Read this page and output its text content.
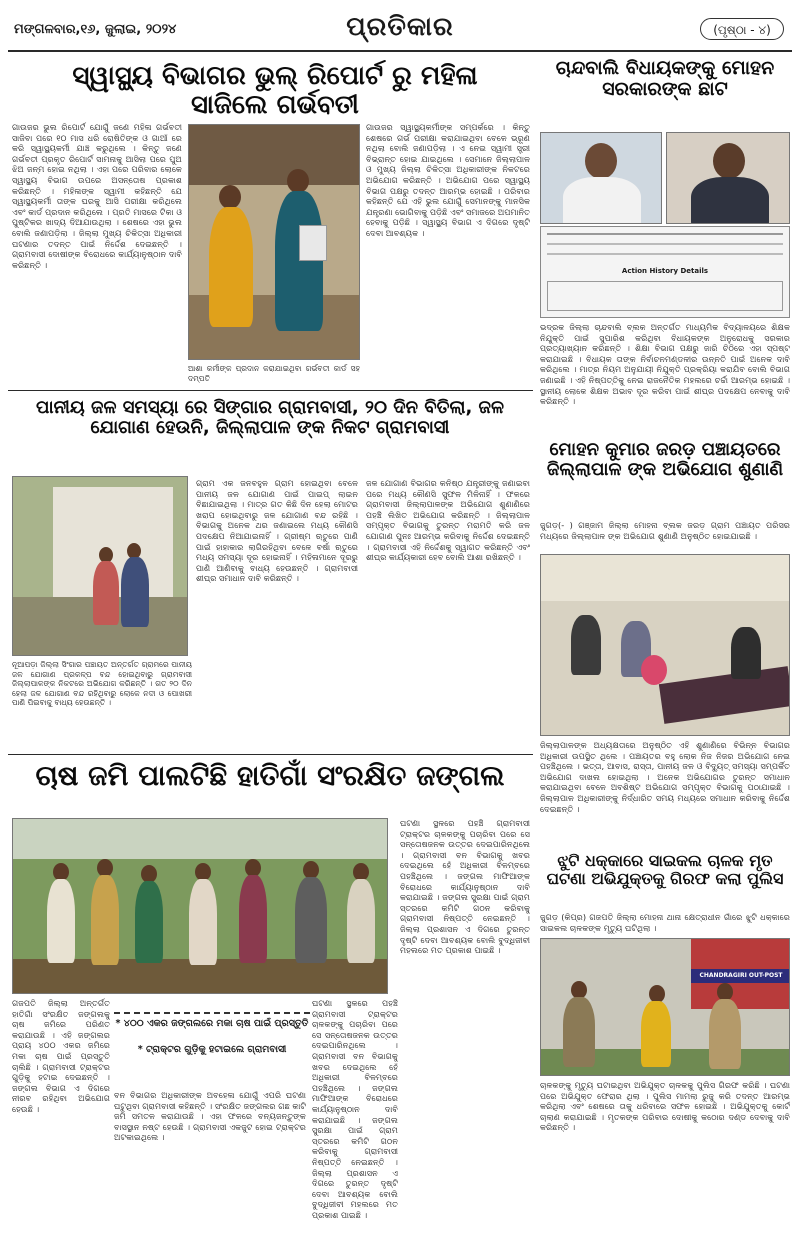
ମଙ୍ଗଳବାର,୧୬, ଜୁଲାଇ, ୨୦୨୪	ପ୍ରତିକାର	(ପୃଷ୍ଠା - ୪)
ସ୍ୱାସ୍ଥ୍ୟ ବିଭାଗର ଭୁଲ୍ ରିପୋର୍ଟ ରୁ ମହିଳା ସାଜିଲେ ଗର୍ଭବତୀ
ଗାଉଜର ଭୁଲ ରିପୋର୍ଟ ଯୋଗୁଁ ଜଣେ ମହିଳା ଗର୍ଭବତୀ ସାଜିବା ପରେ ୧୦ ମାସ ଧରି ରୋଷିତିଙ୍କ ଓ ଗାଆଁ ରେ କରି ସ୍ୱାସ୍ଥ୍ୟକର୍ମୀ ଯାଞ୍ଚ କରୁଥିଲେ । କିନ୍ତୁ ଜଣେ ଗର୍ଭବତୀ ପ୍ରକୃତ ରିପୋର୍ଟ ସାମନାକୁ ଆସିଲା ପରେ ପୁଅ ଝିଅ ଜନ୍ମ ହୋଇ ନଥିଲା । ଏହା ପରେ ପରିବାର ଲୋକେ ସ୍ୱାସ୍ଥ୍ୟ ବିଭାଗ ଉପରେ ଅସନ୍ତୋଷ ପ୍ରକାଶ କରିଛନ୍ତି । ମହିଳାଙ୍କ ସ୍ୱାମୀ କହିଛନ୍ତି ଯେ ସ୍ୱାସ୍ଥ୍ୟକର୍ମୀ ତାଙ୍କ ଘରକୁ ଆସି ପରୀକ୍ଷା କରିଥିଲେ ଏବଂ କାର୍ଡ ପ୍ରଦାନ କରିଥିଲେ । ପ୍ରତି ମାସରେ ଟିକା ଓ ପୁଷ୍ଟିକର ଖାଦ୍ୟ ଦିଆଯାଉଥିଲା । ଶେଷରେ ଏହା ଭୁଲ ବୋଲି ଜଣାପଡ଼ିଲା । ଜିଲ୍ଲା ମୁଖ୍ୟ ଚିକିତ୍ସା ଅଧିକାରୀ ଘଟଣାର ତଦନ୍ତ ପାଇଁ ନିର୍ଦ୍ଦେଶ ଦେଇଛନ୍ତି । ଗ୍ରାମବାସୀ ଦୋଷୀଙ୍କ ବିରୋଧରେ କାର୍ଯ୍ୟାନୁଷ୍ଠାନ ଦାବି କରିଛନ୍ତି ।
ଆଶା କର୍ମୀଙ୍କ ପ୍ରଦାନ କରାଯାଇଥିବା ଗର୍ଭବତୀ କାର୍ଡ ସହ ଦମ୍ପତି
ଗାଉଜର ସ୍ୱାସ୍ଥ୍ୟକର୍ମୀଙ୍କ ସମ୍ପର୍କରେ । କିନ୍ତୁ ଶେଷରେ ଗର୍ଭ ପରୀକ୍ଷା କରାଯାଇଥିବା ବେଳେ ଭ୍ରୂଣ ନଥିଲା ବୋଲି ଜଣାପଡ଼ିଲା । ଏ ନେଇ ସ୍ୱାମୀ ସ୍ତ୍ରୀ ବିଭ୍ରାନ୍ତ ହୋଇ ଯାଇଥିଲେ । ସେମାନେ ଜିଲ୍ଲାପାଳ ଓ ମୁଖ୍ୟ ଜିଲ୍ଲା ଚିକିତ୍ସା ଅଧିକାରୀଙ୍କ ନିକଟରେ ଅଭିଯୋଗ କରିଛନ୍ତି । ଅଭିଯୋଗ ପରେ ସ୍ୱାସ୍ଥ୍ୟ ବିଭାଗ ପକ୍ଷରୁ ତଦନ୍ତ ଆରମ୍ଭ ହୋଇଛି । ପରିବାର କହିଛନ୍ତି ଯେ ଏହି ଭୁଲ ଯୋଗୁଁ ସେମାନଙ୍କୁ ମାନସିକ ଯନ୍ତ୍ରଣା ଭୋଗିବାକୁ ପଡ଼ିଛି ଏବଂ ସମାଜରେ ଅପମାନିତ ହେବାକୁ ପଡ଼ିଛି । ସ୍ୱାସ୍ଥ୍ୟ ବିଭାଗ ଏ ଦିଗରେ ଦୃଷ୍ଟି ଦେବା ଆବଶ୍ୟକ ।
ଚାନ୍ଦବାଲି ବିଧାୟକଙ୍କୁ ମୋହନ ସରକାରଙ୍କ ଛାଟ
Action History Details
ଭଦ୍ରକ ଜିଲ୍ଲା ଚାନ୍ଦବାଲି ବ୍ଲକ ଅନ୍ତର୍ଗତ ମାଧ୍ୟମିକ ବିଦ୍ୟାଳୟରେ ଶିକ୍ଷକ ନିଯୁକ୍ତି ପାଇଁ ସୁପାରିଶ କରିଥିବା ବିଧାୟକଙ୍କ ଅନୁରୋଧକୁ ସରକାର ପ୍ରତ୍ୟାଖ୍ୟାନ କରିଛନ୍ତି । ଶିକ୍ଷା ବିଭାଗ ପକ୍ଷରୁ ଜାରି ଚିଠିରେ ଏହା ସ୍ପଷ୍ଟ କରାଯାଇଛି । ବିଧାୟକ ତାଙ୍କ ନିର୍ବାଚନମଣ୍ଡଳୀର ଉନ୍ନତି ପାଇଁ ଅନେକ ଦାବି କରିଥିଲେ । ମାତ୍ର ନିୟମ ଅନୁଯାୟୀ ନିଯୁକ୍ତି ପ୍ରକ୍ରିୟା କରାଯିବ ବୋଲି ବିଭାଗ ଜଣାଇଛି । ଏହି ନିଷ୍ପତ୍ତିକୁ ନେଇ ରାଜନୈତିକ ମହଲରେ ଚର୍ଚ୍ଚା ଆରମ୍ଭ ହୋଇଛି । ସ୍ଥାନୀୟ ଲୋକେ ଶିକ୍ଷକ ଅଭାବ ଦୂର କରିବା ପାଇଁ ଶୀଘ୍ର ପଦକ୍ଷେପ ନେବାକୁ ଦାବି କରିଛନ୍ତି ।
ପାନୀୟ ଜଳ ସମସ୍ୟା ରେ ସିଙ୍ଗାର ଗ୍ରାମବାସୀ, ୨୦ ଦିନ ବିତିଲା, ଜଳ ଯୋଗାଣ ହେଉନି, ଜିଲ୍ଲାପାଳ ଙ୍କ ନିକଟ ଗ୍ରାମବାସୀ
ନୂଆପଡ଼ା ଜିଲ୍ଲା ସିଂଗାର ପଞ୍ଚାୟତ ଅନ୍ତର୍ଗତ ଗ୍ରାମରେ ପାନୀୟ ଜଳ ଯୋଗାଣ ପ୍ରକଳ୍ପ ବନ୍ଦ ହୋଇଥିବାରୁ ଗ୍ରାମବାସୀ ଜିଲ୍ଲାପାଳଙ୍କ ନିକଟରେ ଅଭିଯୋଗ କରିଛନ୍ତି । ଗତ ୨୦ ଦିନ ହେଲା ଜଳ ଯୋଗାଣ ବନ୍ଦ ରହିଥିବାରୁ ଲୋକେ ନଦୀ ଓ ପୋଖରୀ ପାଣି ପିଇବାକୁ ବାଧ୍ୟ ହେଉଛନ୍ତି ।
ଗ୍ରାମ ଏକ ଜନବହୁଳ ଗ୍ରାମ ହୋଇଥିବା ବେଳେ ପାନୀୟ ଜଳ ଯୋଗାଣ ପାଇଁ ପାଇପ୍ ଲାଇନ ବିଛାଯାଇଥିଲା । ମାତ୍ର ଗତ କିଛି ଦିନ ହେଲା ମୋଟର ଖରାପ ହୋଇଥିବାରୁ ଜଳ ଯୋଗାଣ ବନ୍ଦ ରହିଛି । ବିଭାଗକୁ ଅନେକ ଥର ଜଣାଇଲେ ମଧ୍ୟ କୌଣସି ପଦକ୍ଷେପ ନିଆଯାଇନାହିଁ । ଗ୍ରୀଷ୍ମ ଋତୁରେ ପାଣି ପାଇଁ ହାହାକାର ଲାଗିରହିଥିବା ବେଳେ ବର୍ଷା ଋତୁରେ ମଧ୍ୟ ସମସ୍ୟା ଦୂର ହୋଇନାହିଁ । ମହିଳାମାନେ ଦୂରରୁ ପାଣି ଆଣିବାକୁ ବାଧ୍ୟ ହେଉଛନ୍ତି । ଗ୍ରାମବାସୀ ଶୀଘ୍ର ସମାଧାନ ଦାବି କରିଛନ୍ତି ।
ଜଳ ଯୋଗାଣ ବିଭାଗର କନିଷ୍ଠ ଯନ୍ତ୍ରୀଙ୍କୁ ଜଣାଇବା ପରେ ମଧ୍ୟ କୌଣସି ସୁଫଳ ମିଳିନାହିଁ । ଫଳରେ ଗ୍ରାମବାସୀ ଜିଲ୍ଲାପାଳଙ୍କ ଅଭିଯୋଗ ଶୁଣାଣିରେ ପହଞ୍ଚି ଲିଖିତ ଅଭିଯୋଗ କରିଛନ୍ତି । ଜିଲ୍ଲାପାଳ ସମ୍ପୃକ୍ତ ବିଭାଗକୁ ତୁରନ୍ତ ମରାମତି କରି ଜଳ ଯୋଗାଣ ପୁନଃ ଆରମ୍ଭ କରିବାକୁ ନିର୍ଦ୍ଦେଶ ଦେଇଛନ୍ତି । ଗ୍ରାମବାସୀ ଏହି ନିର୍ଦ୍ଦେଶକୁ ସ୍ୱାଗତ କରିଛନ୍ତି ଏବଂ ଶୀଘ୍ର କାର୍ଯ୍ୟକାରୀ ହେବ ବୋଲି ଆଶା ରଖିଛନ୍ତି ।
ମୋହନ କୁମାର ଜରଡ଼ ପଞ୍ଚାୟତରେ ଜିଲ୍ଲାପାଳ ଙ୍କ ଅଭିଯୋଗ ଶୁଣାଣି
ଜୁଗଡ଼(- ) ଗଞ୍ଜାମ ଜିଲ୍ଲା ମୋହନା ବ୍ଲକ ଜରଡ଼ ଗ୍ରାମ ପଞ୍ଚାୟତ ପରିସର ମଧ୍ୟରେ ଜିଲ୍ଲାପାଳ ଙ୍କ ଅଭିଯୋଗ ଶୁଣାଣି ଅନୁଷ୍ଠିତ ହୋଇଯାଇଛି ।
ଜିଲ୍ଲାପାଳଙ୍କ ଅଧ୍ୟକ୍ଷତାରେ ଅନୁଷ୍ଠିତ ଏହି ଶୁଣାଣିରେ ବିଭିନ୍ନ ବିଭାଗର ଅଧିକାରୀ ଉପସ୍ଥିତ ଥିଲେ । ପଞ୍ଚାୟତର ବହୁ ଲୋକ ନିଜ ନିଜର ଅଭିଯୋଗ ନେଇ ପହଞ୍ଚିଥିଲେ । ଭତ୍ତା, ଆବାସ, ରାସ୍ତା, ପାନୀୟ ଜଳ ଓ ବିଦ୍ୟୁତ୍ ସମସ୍ୟା ସମ୍ପର୍କିତ ଅଭିଯୋଗ ଦାଖଲ ହୋଇଥିଲା । ଅନେକ ଅଭିଯୋଗର ତୁରନ୍ତ ସମାଧାନ କରାଯାଇଥିବା ବେଳେ ଅବଶିଷ୍ଟ ଅଭିଯୋଗ ସମ୍ପୃକ୍ତ ବିଭାଗକୁ ପଠାଯାଇଛି । ଜିଲ୍ଲାପାଳ ଅଧିକାରୀଙ୍କୁ ନିର୍ଦ୍ଧାରିତ ସମୟ ମଧ୍ୟରେ ସମାଧାନ କରିବାକୁ ନିର୍ଦ୍ଦେଶ ଦେଇଛନ୍ତି ।
ଚାଷ ଜମି ପାଲଟିଛି ହାତିଗାଁ ସଂରକ୍ଷିତ ଜଙ୍ଗଲ
ଗଜପତି ଜିଲ୍ଲା ଅନ୍ତର୍ଗତ ହାତିଗାଁ ସଂରକ୍ଷିତ ଜଙ୍ଗଲକୁ ଚାଷ ଜମିରେ ପରିଣତ କରାଯାଉଛି । ଏହି ଜଙ୍ଗଲର ପ୍ରାୟ ୪୦୦ ଏକର ଜମିରେ ମକା ଚାଷ ପାଇଁ ପ୍ରସ୍ତୁତି ଚାଲିଛି । ଗ୍ରାମବାସୀ ଟ୍ରାକ୍ଟର ଗୁଡ଼ିକୁ ହଟାଇ ଦେଇଛନ୍ତି । ଜଙ୍ଗଲ ବିଭାଗ ଏ ଦିଗରେ ନୀରବ ରହିଥିବା ଅଭିଯୋଗ ହେଉଛି ।
* ୪୦୦ ଏକର ଜଙ୍ଗଲରେ ମକା ଚାଷ ପାଇଁ ପ୍ରସ୍ତୁତି
* ଟ୍ରାକ୍ଟର ଗୁଡ଼ିକୁ ହଟାଇଲେ ଗ୍ରାମବାସୀ
ବନ ବିଭାଗର ଅଧିକାରୀଙ୍କ ଅବହେଳା ଯୋଗୁଁ ଏପରି ଘଟଣା ଘଟୁଥିବା ଗ୍ରାମବାସୀ କହିଛନ୍ତି । ସଂରକ୍ଷିତ ଜଙ୍ଗଲର ଗଛ କାଟି ଜମି ସମତଳ କରାଯାଉଛି । ଏହା ଫଳରେ ବନ୍ୟଜନ୍ତୁଙ୍କ ବାସସ୍ଥାନ ନଷ୍ଟ ହେଉଛି । ଗ୍ରାମବାସୀ ଏକଜୁଟ ହୋଇ ଟ୍ରାକ୍ଟର ଅଟକାଇଥିଲେ ।
ଘଟଣା ସ୍ଥଳରେ ପହଞ୍ଚି ଗ୍ରାମବାସୀ ଟ୍ରାକ୍ଟର ଚାଳକଙ୍କୁ ପଚାରିବା ପରେ ସେ ସନ୍ତୋଷଜନକ ଉତ୍ତର ଦେଇପାରିନଥିଲେ । ଗ୍ରାମବାସୀ ବନ ବିଭାଗକୁ ଖବର ଦେଇଥିଲେ ହେଁ ଅଧିକାରୀ ବିଳମ୍ବରେ ପହଞ୍ଚିଥିଲେ । ଜଙ୍ଗଲ ମାଫିଆଙ୍କ ବିରୋଧରେ କାର୍ଯ୍ୟାନୁଷ୍ଠାନ ଦାବି କରାଯାଇଛି । ଜଙ୍ଗଲ ସୁରକ୍ଷା ପାଇଁ ଗ୍ରାମ ସ୍ତରରେ କମିଟି ଗଠନ କରିବାକୁ ଗ୍ରାମବାସୀ ନିଷ୍ପତ୍ତି ନେଇଛନ୍ତି । ଜିଲ୍ଲା ପ୍ରଶାସନ ଏ ଦିଗରେ ତୁରନ୍ତ ଦୃଷ୍ଟି ଦେବା ଆବଶ୍ୟକ ବୋଲି ବୁଦ୍ଧିଜୀବୀ ମହଲରେ ମତ ପ୍ରକାଶ ପାଇଛି ।
ଘଟଣା ସ୍ଥଳରେ ପହଞ୍ଚି ଗ୍ରାମବାସୀ ଟ୍ରାକ୍ଟର ଚାଳକଙ୍କୁ ପଚାରିବା ପରେ ସେ ସନ୍ତୋଷଜନକ ଉତ୍ତର ଦେଇପାରିନଥିଲେ । ଗ୍ରାମବାସୀ ବନ ବିଭାଗକୁ ଖବର ଦେଇଥିଲେ ହେଁ ଅଧିକାରୀ ବିଳମ୍ବରେ ପହଞ୍ଚିଥିଲେ । ଜଙ୍ଗଲ ମାଫିଆଙ୍କ ବିରୋଧରେ କାର୍ଯ୍ୟାନୁଷ୍ଠାନ ଦାବି କରାଯାଇଛି । ଜଙ୍ଗଲ ସୁରକ୍ଷା ପାଇଁ ଗ୍ରାମ ସ୍ତରରେ କମିଟି ଗଠନ କରିବାକୁ ଗ୍ରାମବାସୀ ନିଷ୍ପତ୍ତି ନେଇଛନ୍ତି । ଜିଲ୍ଲା ପ୍ରଶାସନ ଏ ଦିଗରେ ତୁରନ୍ତ ଦୃଷ୍ଟି ଦେବା ଆବଶ୍ୟକ ବୋଲି ବୁଦ୍ଧିଜୀବୀ ମହଲରେ ମତ ପ୍ରକାଶ ପାଇଛି ।
ଝୁଟି ଧକ୍କାରେ ସାଇକଲ ଚାଳକ ମୃତ ଘଟଣା ଅଭିଯୁକ୍ତକୁ ଗିରଫ କଲା ପୁଲିସ
ଜୁଗଡ଼ (କିପ୍ର) ଗଜପତି ଜିଲ୍ଲା ମୋହନା ଥାନା କ୍ଷେତ୍ରାଧୀନ ଗାଁରେ ଝୁଟି ଧକ୍କାରେ ସାଇକଲ ଚାଳକଙ୍କ ମୃତ୍ୟୁ ଘଟିଥିଲା ।
CHANDRAGIRI OUT-POST
ଚାଳକଙ୍କୁ ମୃତ୍ୟୁ ଘଟାଇଥିବା ଅଭିଯୁକ୍ତ ଚାଳକକୁ ପୁଲିସ ଗିରଫ କରିଛି । ଘଟଣା ପରେ ଅଭିଯୁକ୍ତ ଫେରାର ଥିଲା । ପୁଲିସ ମାମଲା ରୁଜୁ କରି ତଦନ୍ତ ଆରମ୍ଭ କରିଥିଲା ଏବଂ ଶେଷରେ ତାକୁ ଧରିବାରେ ସଫଳ ହୋଇଛି । ଅଭିଯୁକ୍ତକୁ କୋର୍ଟ ଚାଲାଣ କରାଯାଇଛି । ମୃତକଙ୍କ ପରିବାର ଦୋଷୀକୁ କଠୋର ଦଣ୍ଡ ଦେବାକୁ ଦାବି କରିଛନ୍ତି ।
